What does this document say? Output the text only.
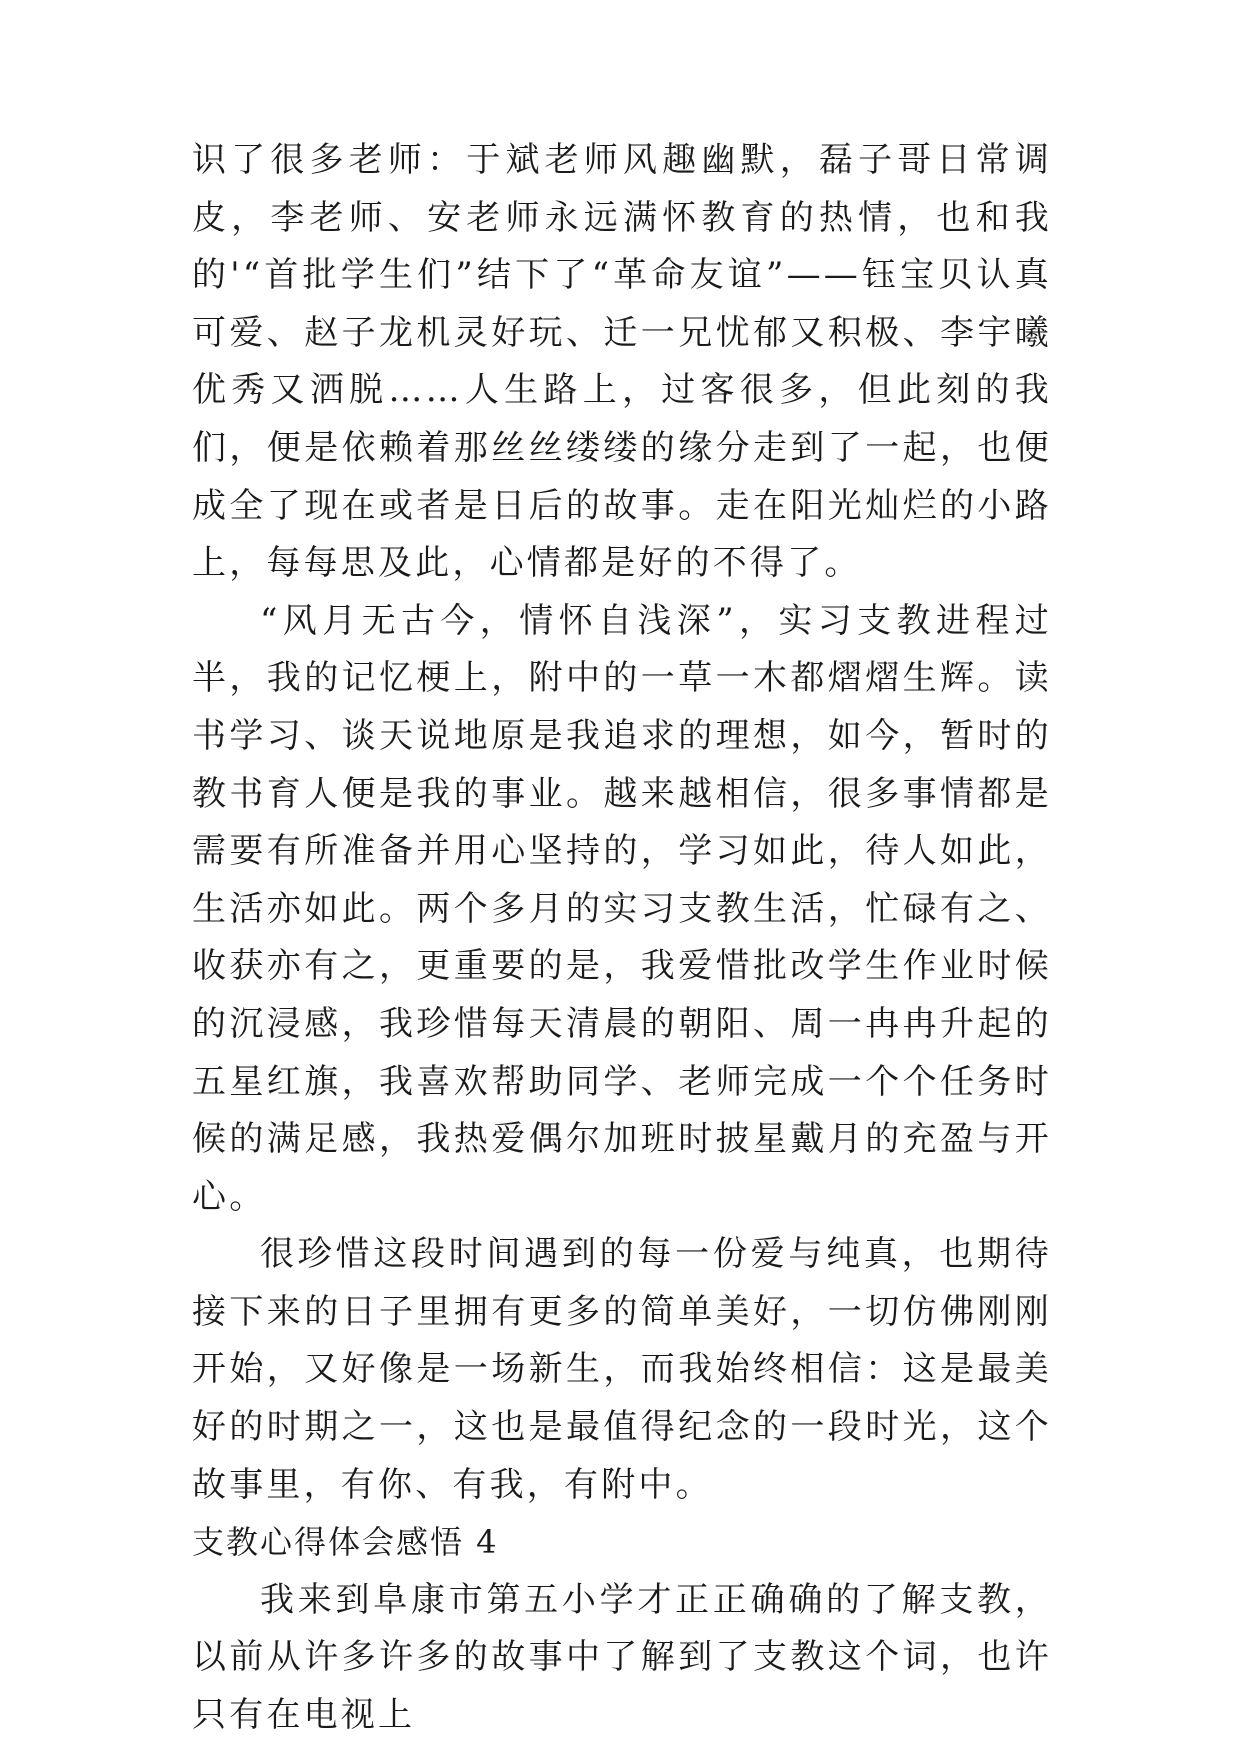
识了很多老师：于斌老师风趣幽默，磊子哥日常调皮，李老师、安老师永远满怀教育的热情，也和我的'“首批学生们”结下了“革命友谊”——钰宝贝认真可爱、赵子龙机灵好玩、迁一兄忧郁又积极、李宇曦优秀又洒脱……人生路上，过客很多，但此刻的我们，便是依赖着那丝丝缕缕的缘分走到了一起，也便成全了现在或者是日后的故事。走在阳光灿烂的小路上，每每思及此，心情都是好的不得了。

“风月无古今，情怀自浅深”，实习支教进程过半，我的记忆梗上，附中的一草一木都熠熠生辉。读书学习、谈天说地原是我追求的理想，如今，暂时的教书育人便是我的事业。越来越相信，很多事情都是需要有所准备并用心坚持的，学习如此，待人如此，生活亦如此。两个多月的实习支教生活，忙碌有之、收获亦有之，更重要的是，我爱惜批改学生作业时候的沉浸感，我珍惜每天清晨的朝阳、周一冉冉升起的五星红旗，我喜欢帮助同学、老师完成一个个任务时候的满足感，我热爱偶尔加班时披星戴月的充盈与开心。

很珍惜这段时间遇到的每一份爱与纯真，也期待接下来的日子里拥有更多的简单美好，一切仿佛刚刚开始，又好像是一场新生，而我始终相信：这是最美好的时期之一，这也是最值得纪念的一段时光，这个故事里，有你、有我，有附中。

支教心得体会感悟 4

我来到阜康市第五小学才正正确确的了解支教，以前从许多许多的故事中了解到了支教这个词，也许只有在电视上
